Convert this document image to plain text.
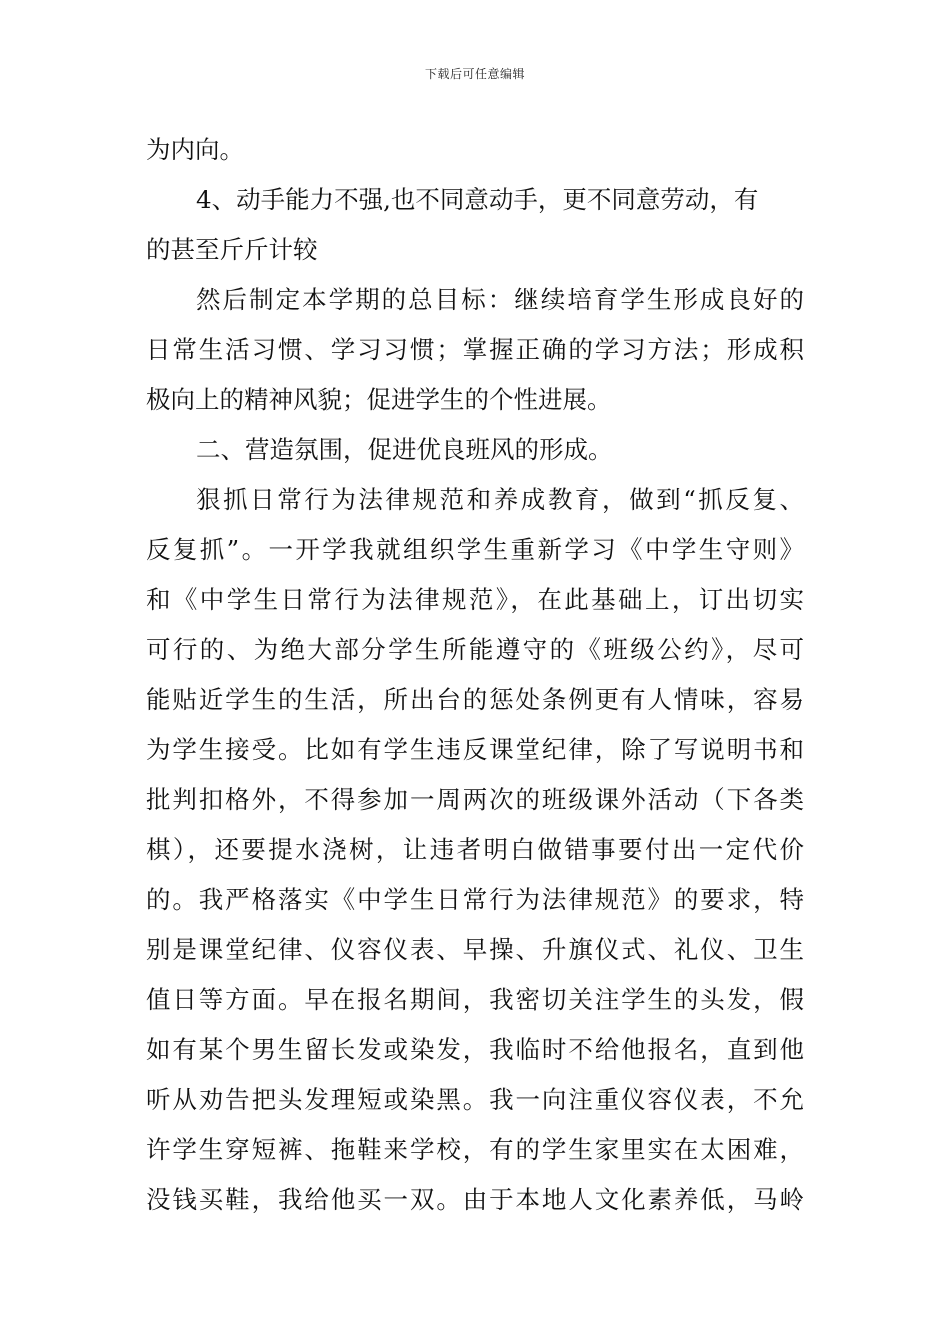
下载后可任意编辑
为内向。
4、动手能力不强,也不同意动手，更不同意劳动，有
的甚至斤斤计较
然后制定本学期的总目标：继续培育学生形成良好的
日常生活习惯、学习习惯；掌握正确的学习方法；形成积
极向上的精神风貌；促进学生的个性进展。
二、营造氛围，促进优良班风的形成。
狠抓日常行为法律规范和养成教育，做到“抓反复、
反复抓”。一开学我就组织学生重新学习《中学生守则》
和《中学生日常行为法律规范》，在此基础上，订出切实
可行的、为绝大部分学生所能遵守的《班级公约》，尽可
能贴近学生的生活，所出台的惩处条例更有人情味，容易
为学生接受。比如有学生违反课堂纪律，除了写说明书和
批判扣格外，不得参加一周两次的班级课外活动（下各类
棋），还要提水浇树，让违者明白做错事要付出一定代价
的。我严格落实《中学生日常行为法律规范》的要求，特
别是课堂纪律、仪容仪表、早操、升旗仪式、礼仪、卫生
值日等方面。早在报名期间，我密切关注学生的头发，假
如有某个男生留长发或染发，我临时不给他报名，直到他
听从劝告把头发理短或染黑。我一向注重仪容仪表，不允
许学生穿短裤、拖鞋来学校，有的学生家里实在太困难，
没钱买鞋，我给他买一双。由于本地人文化素养低，马岭
